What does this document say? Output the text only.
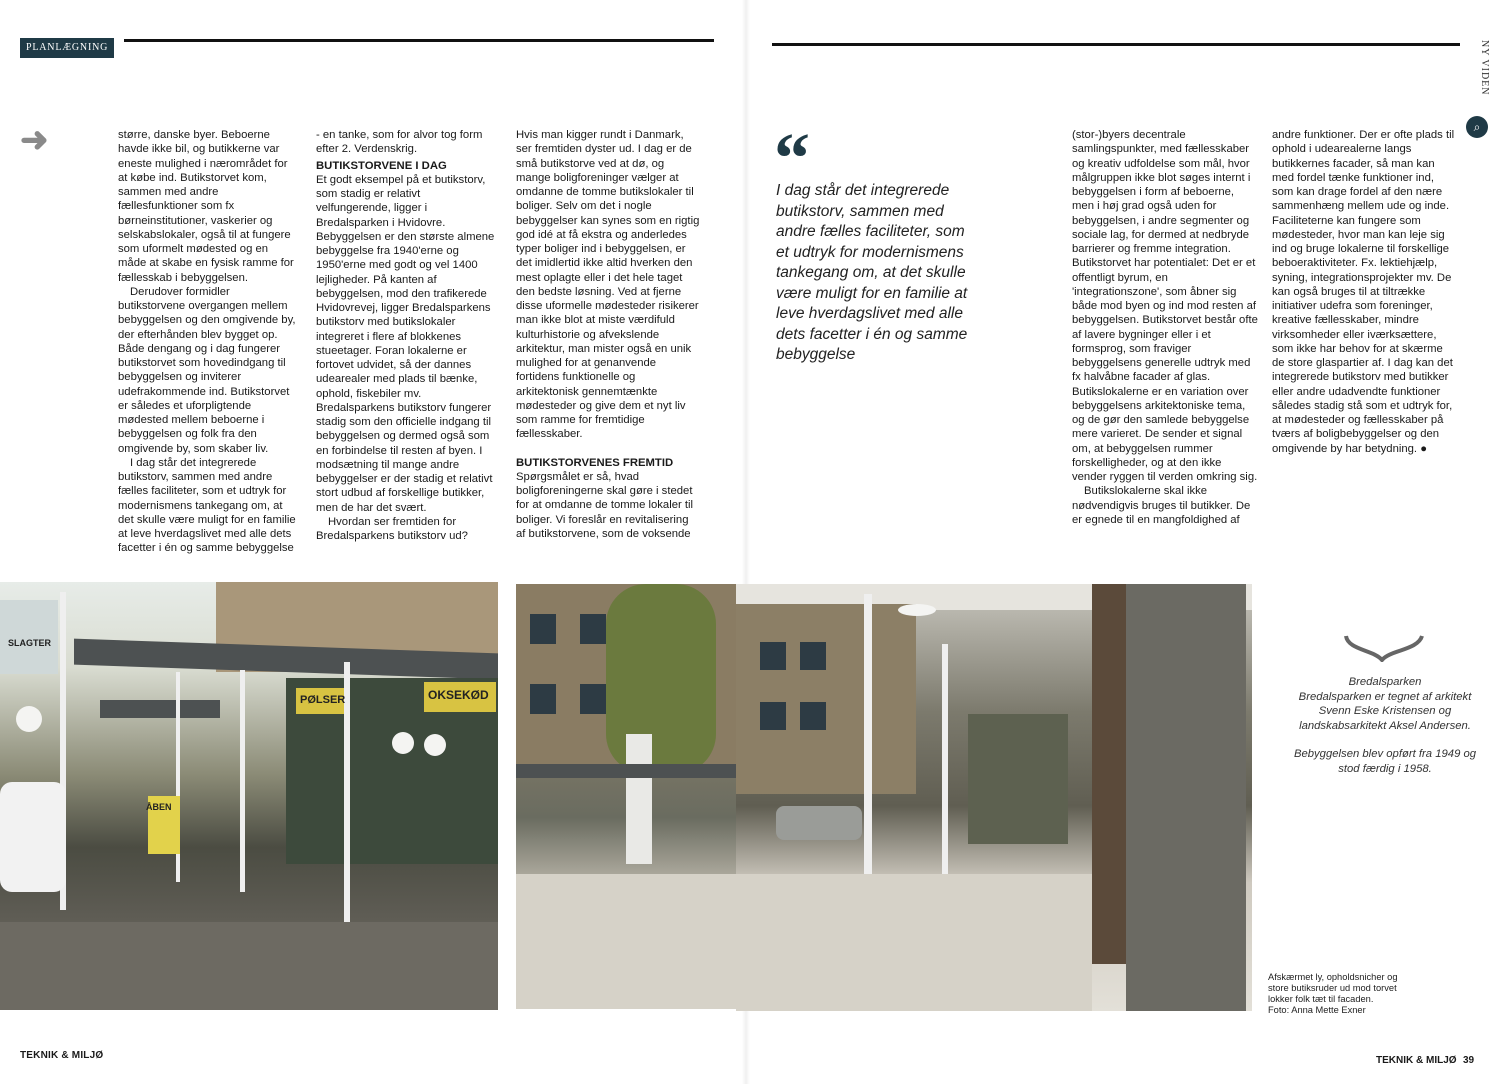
PLANLÆGNING	NY VIDEN
⌕
➜	større, danske byer. Beboerne havde ikke bil, og butikkerne var eneste mulighed i nærområdet for at købe ind. Butikstorvet kom, sammen med andre fællesfunktioner som fx børneinstitutioner, vaskerier og selskabslokaler, også til at fungere som uformelt mødested og en måde at skabe en fysisk ramme for fællesskab i bebyggelsen.

Derudover formidler butikstorvene overgangen mellem bebyggelsen og den omgivende by, der efterhånden blev bygget op. Både dengang og i dag fungerer butikstorvet som hovedindgang til bebyggelsen og inviterer udefrakommende ind. Butikstorvet er således et uforpligtende mødested mellem beboerne i bebyggelsen og folk fra den omgivende by, som skaber liv.

I dag står det integrerede butikstorv, sammen med andre fælles faciliteter, som et udtryk for modernismens tankegang om, at det skulle være muligt for en familie at leve hverdagslivet med alle dets facetter i én og samme bebyggelse

- en tanke, som for alvor tog form efter 2. Verdenskrig.

BUTIKSTORVENE I DAG

Et godt eksempel på et butikstorv, som stadig er relativt velfungerende, ligger i Bredalsparken i Hvidovre. Bebyggelsen er den største almene bebyggelse fra 1940'erne og 1950'erne med godt og vel 1400 lejligheder. På kanten af bebyggelsen, mod den trafikerede Hvidovrevej, ligger Bredalsparkens butikstorv med butikslokaler integreret i flere af blokkenes stueetager. Foran lokalerne er fortovet udvidet, så der dannes udearealer med plads til bænke, ophold, fiskebiler mv. Bredalsparkens butikstorv fungerer stadig som den officielle indgang til bebyggelsen og dermed også som en forbindelse til resten af byen. I modsætning til mange andre bebyggelser er der stadig et relativt stort udbud af forskellige butikker, men de har det svært.

Hvordan ser fremtiden for Bredalsparkens butikstorv ud?

Hvis man kigger rundt i Danmark, ser fremtiden dyster ud. I dag er de små butikstorve ved at dø, og mange boligforeninger vælger at omdanne de tomme butikslokaler til boliger. Selv om det i nogle bebyggelser kan synes som en rigtig god idé at få ekstra og anderledes typer boliger ind i bebyggelsen, er det imidlertid ikke altid hverken den mest oplagte eller i det hele taget den bedste løsning. Ved at fjerne disse uformelle mødesteder risikerer man ikke blot at miste værdifuld kulturhistorie og afvekslende arkitektur, man mister også en unik mulighed for at genanvende fortidens funktionelle og arkitektonisk gennemtænkte mødesteder og give dem et nyt liv som ramme for fremtidige fællesskaber.

BUTIKSTORVENES FREMTID

Spørgsmålet er så, hvad boligforeningerne skal gøre i stedet for at omdanne de tomme lokaler til boliger. Vi foreslår en revitalisering af butikstorvene, som de voksende

“
I dag står det integrerede butikstorv, sammen med andre fælles faciliteter, som et udtryk for modernismens tankegang om, at det skulle være muligt for en familie at leve hverdagslivet med alle dets facetter i én og samme bebyggelse

(stor-)byers decentrale samlingspunkter, med fællesskaber og kreativ udfoldelse som mål, hvor målgruppen ikke blot søges internt i bebyggelsen i form af beboerne, men i høj grad også uden for bebyggelsen, i andre segmenter og sociale lag, for dermed at nedbryde barrierer og fremme integration. Butikstorvet har potentialet: Det er et offentligt byrum, en 'integrationszone', som åbner sig både mod byen og ind mod resten af bebyggelsen. Butikstorvet består ofte af lavere bygninger eller i et formsprog, som fraviger bebyggelsens generelle udtryk med fx halvåbne facader af glas. Butikslokalerne er en variation over bebyggelsens arkitektoniske tema, og de gør den samlede bebyggelse mere varieret. De sender et signal om, at bebyggelsen rummer forskelligheder, og at den ikke vender ryggen til verden omkring sig.

Butikslokalerne skal ikke nødvendigvis bruges til butikker. De er egnede til en mangfoldighed af

andre funktioner. Der er ofte plads til ophold i udearealerne langs butikkernes facader, så man kan med fordel tænke funktioner ind, som kan drage fordel af den nære sammenhæng mellem ude og inde. Faciliteterne kan fungere som mødesteder, hvor man kan leje sig ind og bruge lokalerne til forskellige beboeraktiviteter. Fx. lektiehjælp, syning, integrationsprojekter mv. De kan også bruges til at tiltrække initiativer udefra som foreninger, kreative fællesskaber, mindre virksomheder eller iværksættere, som ikke har behov for at skærme de store glaspartier af. I dag kan det integrerede butikstorv med butikker eller andre udadvendte funktioner således stadig stå som et udtryk for, at mødesteder og fællesskaber på tværs af boligbebyggelser og den omgivende by har betydning. ●

SLAGTER
PØLSER	OKSEKØD
ÅBEN

Bredalsparken
Bredalsparken er tegnet af arkitekt Svenn Eske Kristensen og landskabsarkitekt Aksel Andersen.

Bebyggelsen blev opført fra 1949 og stod færdig i 1958.

Afskærmet ly, opholdsnicher og store butiksruder ud mod torvet lokker folk tæt til facaden.
Foto: Anna Mette Exner
TEKNIK & MILJØ	TEKNIK & MILJØ 39
